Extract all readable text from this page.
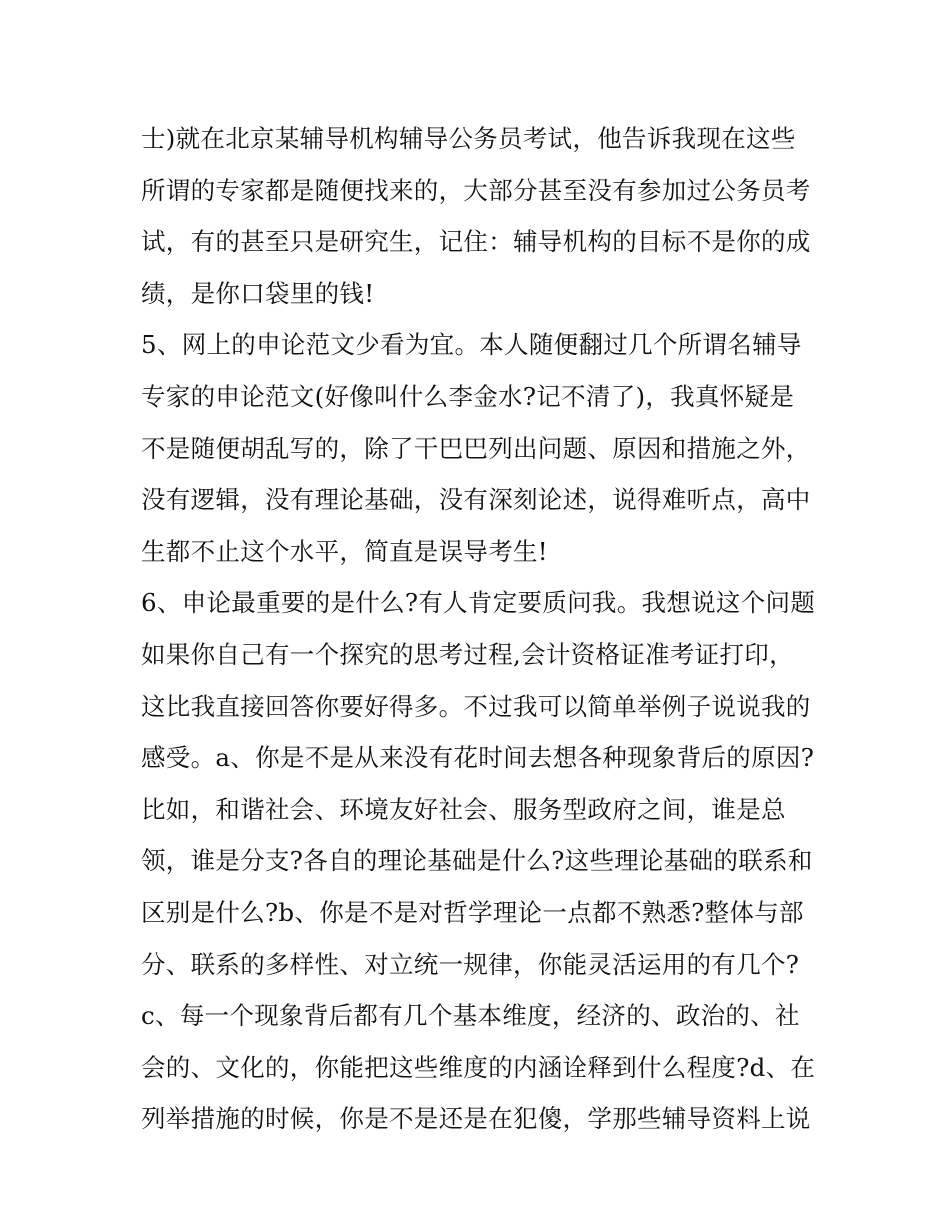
士)就在北京某辅导机构辅导公务员考试，他告诉我现在这些
所谓的专家都是随便找来的，大部分甚至没有参加过公务员考
试，有的甚至只是研究生，记住：辅导机构的目标不是你的成
绩，是你口袋里的钱!
5、网上的申论范文少看为宜。本人随便翻过几个所谓名辅导
专家的申论范文(好像叫什么李金水?记不清了)，我真怀疑是
不是随便胡乱写的，除了干巴巴列出问题、原因和措施之外，
没有逻辑，没有理论基础，没有深刻论述，说得难听点，高中
生都不止这个水平，简直是误导考生!
6、申论最重要的是什么?有人肯定要质问我。我想说这个问题
如果你自己有一个探究的思考过程,会计资格证准考证打印，
这比我直接回答你要好得多。不过我可以简单举例子说说我的
感受。a、你是不是从来没有花时间去想各种现象背后的原因?
比如，和谐社会、环境友好社会、服务型政府之间，谁是总
领，谁是分支?各自的理论基础是什么?这些理论基础的联系和
区别是什么?b、你是不是对哲学理论一点都不熟悉?整体与部
分、联系的多样性、对立统一规律，你能灵活运用的有几个?
c、每一个现象背后都有几个基本维度，经济的、政治的、社
会的、文化的，你能把这些维度的内涵诠释到什么程度?d、在
列举措施的时候，你是不是还是在犯傻，学那些辅导资料上说
